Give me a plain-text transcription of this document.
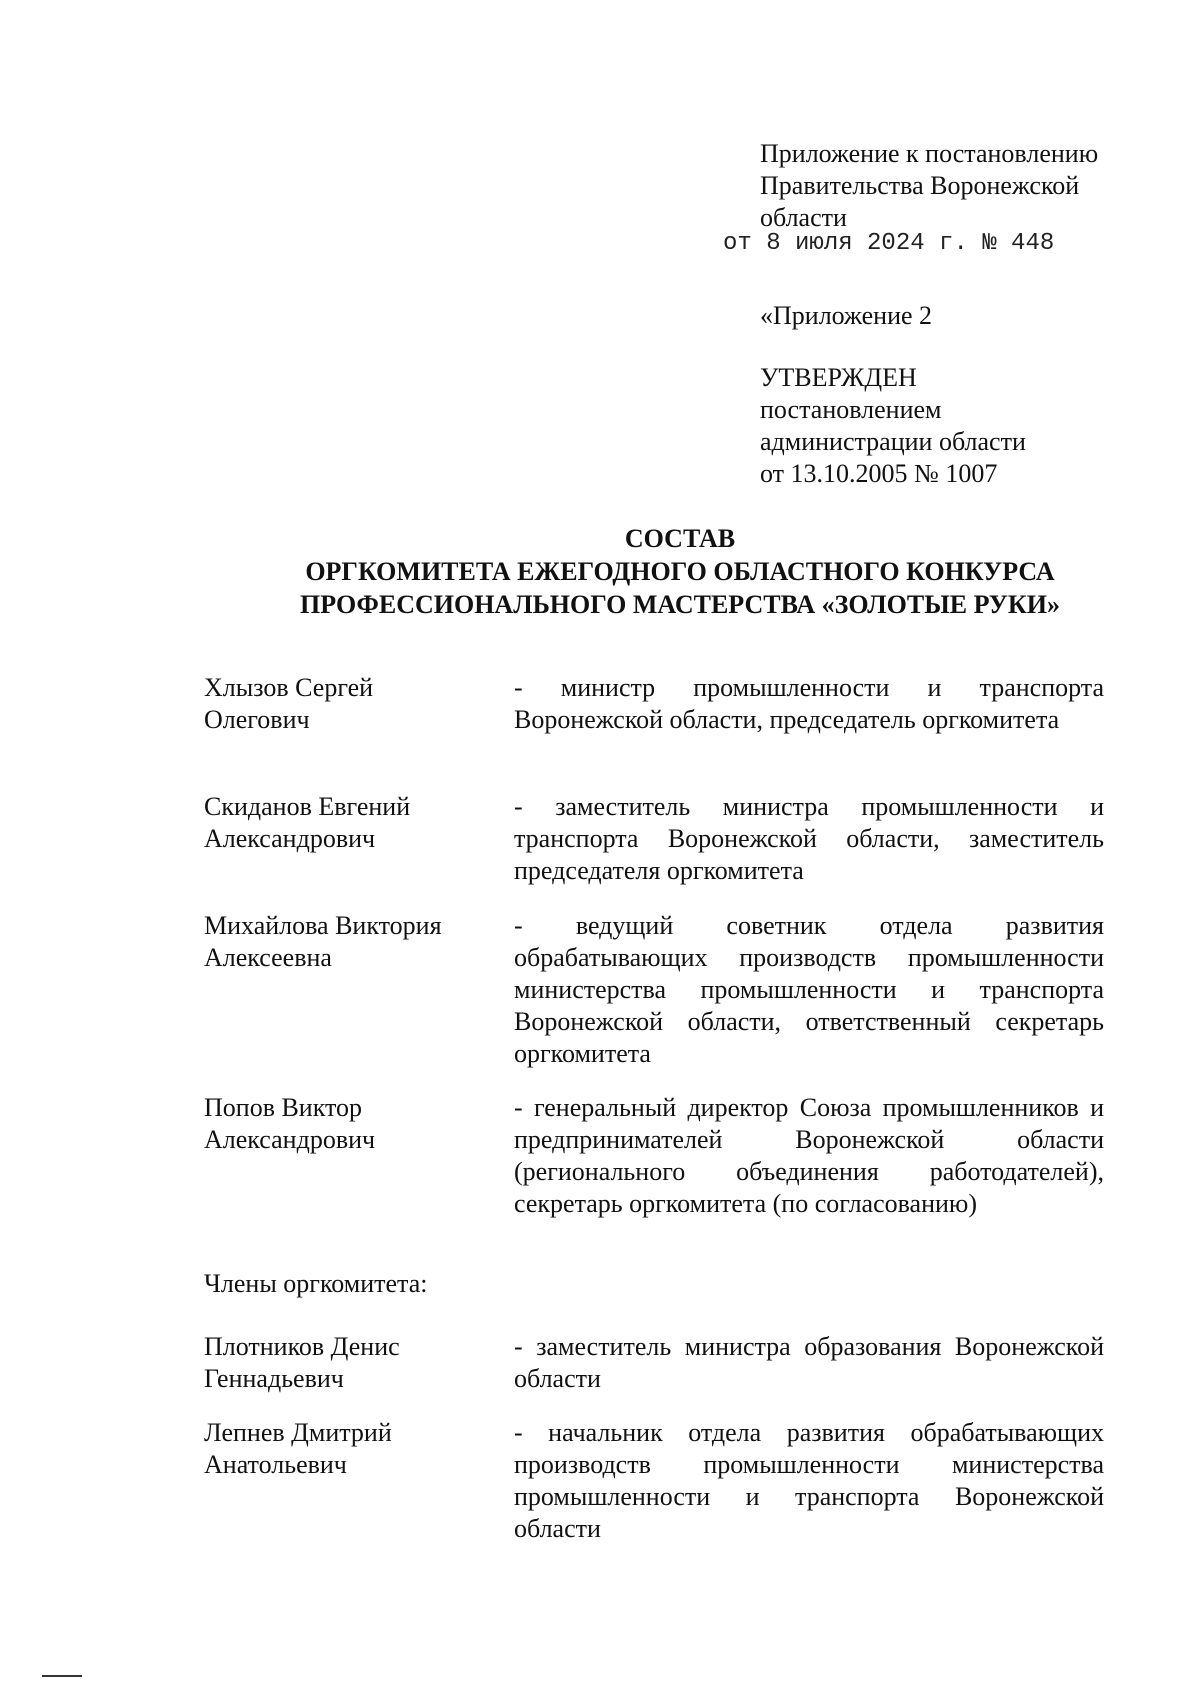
Приложение к постановлению
Правительства Воронежской
области
от 8 июля 2024 г. № 448
«Приложение 2
УТВЕРЖДЕН
постановлением
администрации области
от 13.10.2005 № 1007
СОСТАВ
ОРГКОМИТЕТА ЕЖЕГОДНОГО ОБЛАСТНОГО КОНКУРСА
ПРОФЕССИОНАЛЬНОГО МАСТЕРСТВА «ЗОЛОТЫЕ РУКИ»
Хлызов Сергей
Олегович
- министр промышленности и транспорта Воронежской области, председатель оргкомитета
Скиданов Евгений
Александрович
- заместитель министра промышленности и транспорта Воронежской области, заместитель председателя оргкомитета
Михайлова Виктория
Алексеевна
- ведущий советник отдела развития обрабатывающих производств промышленности министерства промышленности и транспорта Воронежской области, ответственный секретарь оргкомитета
Попов Виктор
Александрович
- генеральный директор Союза промышленников и предпринимателей Воронежской области (регионального объединения работодателей), секретарь оргкомитета (по согласованию)
Члены оргкомитета:
Плотников Денис
Геннадьевич
- заместитель министра образования Воронежской области
Лепнев Дмитрий
Анатольевич
- начальник отдела развития обрабатывающих производств промышленности министерства промышленности и транспорта Воронежской области
